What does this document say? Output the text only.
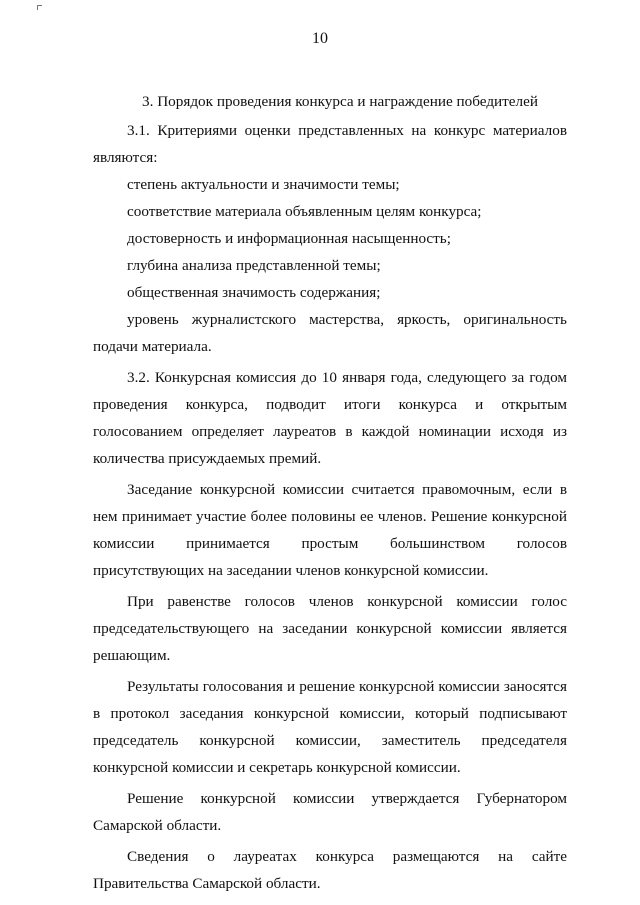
10

3. Порядок проведения конкурса и награждение победителей

3.1. Критериями оценки представленных на конкурс материалов
являются:

степень актуальности и значимости темы;

соответствие материала объявленным целям конкурса;

достоверность и информационная насыщенность;

глубина анализа представленной темы;

общественная значимость содержания;

уровень журналистского мастерства, яркость, оригинальность
подачи материала.
3.2. Конкурсная комиссия до 10 января года, следующего за годом
проведения конкурса, подводит итоги конкурса и открытым
голосованием определяет лауреатов в каждой номинации исходя из
количества присуждаемых премий.
Заседание конкурсной комиссии считается правомочным, если в
нем принимает участие более половины ее членов. Решение конкурсной
комиссии принимается простым большинством голосов
присутствующих на заседании членов конкурсной комиссии.
При равенстве голосов членов конкурсной комиссии голос
председательствующего на заседании конкурсной комиссии является
решающим.
Результаты голосования и решение конкурсной комиссии заносятся
в протокол заседания конкурсной комиссии, который подписывают
председатель конкурсной комиссии, заместитель председателя
конкурсной комиссии и секретарь конкурсной комиссии.
Решение конкурсной комиссии утверждается Губернатором
Самарской области.
Сведения о лауреатах конкурса размещаются на сайте
Правительства Самарской области.
